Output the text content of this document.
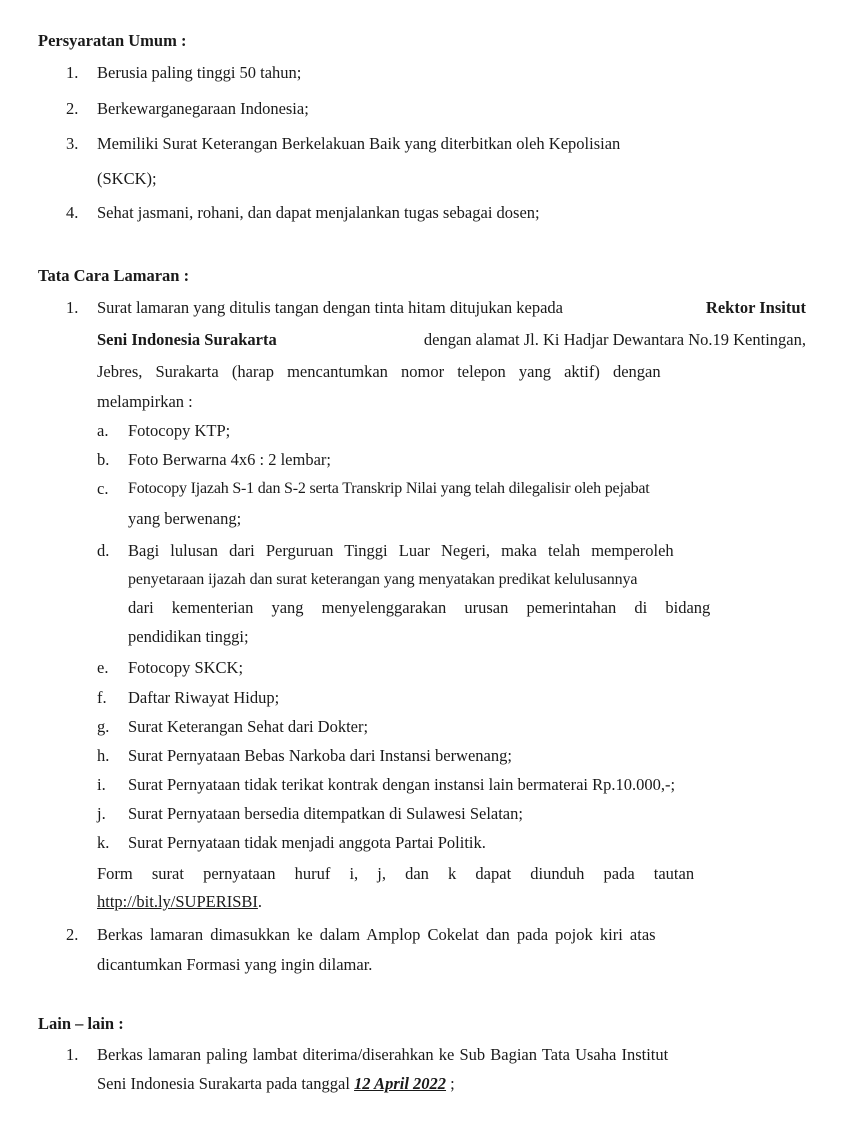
Persyaratan Umum :
1. Berusia paling tinggi 50 tahun;
2. Berkewarganegaraan Indonesia;
3. Memiliki Surat Keterangan Berkelakuan Baik yang diterbitkan oleh Kepolisian
(SKCK);
4. Sehat jasmani, rohani, dan dapat menjalankan tugas sebagai dosen;
Tata Cara Lamaran :
1. Surat lamaran yang ditulis tangan dengan tinta hitam ditujukan kepada	Rektor Insitut
Seni Indonesia Surakarta	dengan alamat Jl. Ki Hadjar Dewantara No.19 Kentingan,
Jebres, Surakarta (harap mencantumkan nomor telepon yang aktif) dengan
melampirkan :
a. Fotocopy KTP;
b. Foto Berwarna 4x6 : 2 lembar;
c. Fotocopy Ijazah S-1 dan S-2 serta Transkrip Nilai yang telah dilegalisir oleh pejabat
yang berwenang;
d. Bagi lulusan dari Perguruan Tinggi Luar Negeri, maka telah memperoleh
penyetaraan ijazah dan surat keterangan yang menyatakan predikat kelulusannya
dari kementerian yang menyelenggarakan urusan pemerintahan di bidang
pendidikan tinggi;
e. Fotocopy SKCK;
f. Daftar Riwayat Hidup;
g. Surat Keterangan Sehat dari Dokter;
h. Surat Pernyataan Bebas Narkoba dari Instansi berwenang;
i. Surat Pernyataan tidak terikat kontrak dengan instansi lain bermaterai Rp.10.000,-;
j. Surat Pernyataan bersedia ditempatkan di Sulawesi Selatan;
k. Surat Pernyataan tidak menjadi anggota Partai Politik.
Form surat pernyataan huruf i, j, dan k dapat diunduh pada tautan
http://bit.ly/SUPERISBI.
2. Berkas lamaran dimasukkan ke dalam Amplop Cokelat dan pada pojok kiri atas
dicantumkan Formasi yang ingin dilamar.
Lain – lain :
1. Berkas lamaran paling lambat diterima/diserahkan ke Sub Bagian Tata Usaha Institut
Seni Indonesia Surakarta pada tanggal 12 April 2022 ;
